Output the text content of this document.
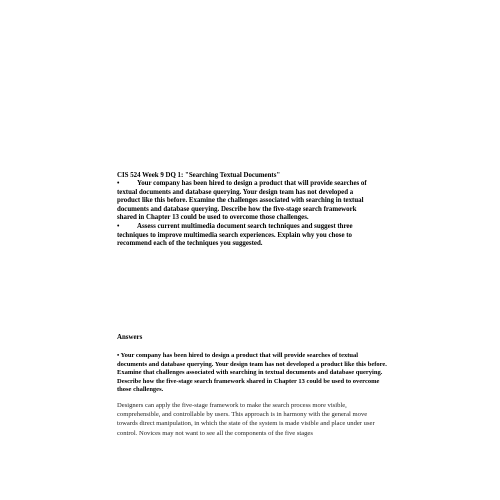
CIS 524 Week 9 DQ 1: "Searching Textual Documents"

•	Your company has been hired to design a product that will provide searches of textual documents and database querying. Your design team has not developed a product like this before. Examine the challenges associated with searching in textual documents and database querying. Describe how the five-stage search framework shared in Chapter 13 could be used to overcome those challenges.

•	Assess current multimedia document search techniques and suggest three techniques to improve multimedia search experiences. Explain why you chose to recommend each of the techniques you suggested.

Answers

• Your company has been hired to design a product that will provide searches of textual documents and database querying. Your design team has not developed a product like this before. Examine that challenges associated with searching in textual documents and database querying. Describe how the five-stage search framework shared in Chapter 13 could be used to overcome those challenges.

Designers can apply the five-stage framework to make the search process more visible, comprehensible, and controllable by users. This approach is in harmony with the general move towards direct manipulation, in which the state of the system is made visible and place under user control. Novices may not want to see all the components of the five stages
